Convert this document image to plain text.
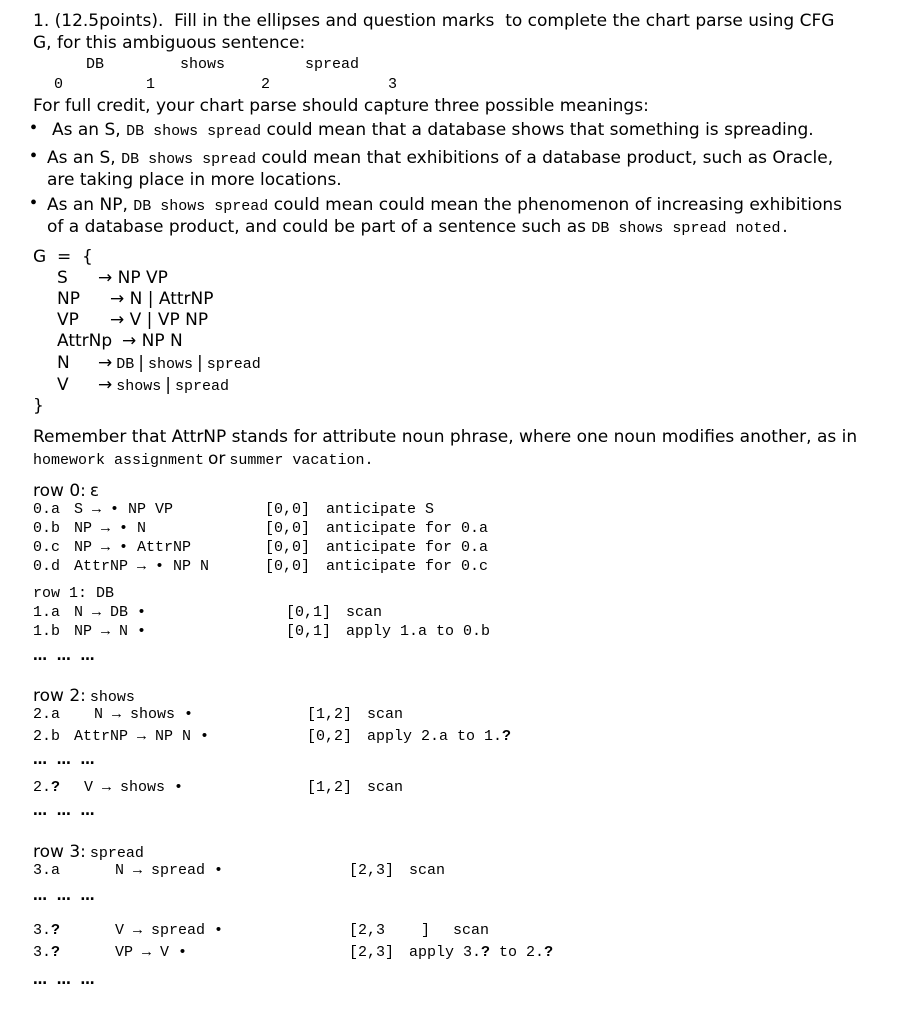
1. (12.5points).  Fill in the ellipses and question marks  to complete the chart parse using CFG
G, for this ambiguous sentence:
DB	shows	spread
0	1	2	3
For full credit, your chart parse should capture three possible meanings:
• As an S, DB shows spread could mean that a database shows that something is spreading.
• As an S, DB shows spread could mean that exhibitions of a database product, such as Oracle,
are taking place in more locations.
• As an NP, DB shows spread could mean could mean the phenomenon of increasing exhibitions
of a database product, and could be part of a sentence such as DB shows spread noted.
G  =  {
S → NP VP
NP → N | AttrNP
VP → V | VP NP
AttrNp → NP N
N → DB | shows | spread
V → shows | spread
}
Remember that AttrNP stands for attribute noun phrase, where one noun modifies another, as in
homework assignment or summer vacation.
row 0: ε
0.a S → • NP VP	[0,0] anticipate S
0.b NP → • N	[0,0] anticipate for 0.a
0.c NP → • AttrNP	[0,0] anticipate for 0.a
0.d AttrNP → • NP N	[0,0] anticipate for 0.c
row 1: DB
1.a N → DB •	[0,1] scan
1.b NP → N •	[0,1] apply 1.a to 0.b
…  …  …
row 2: shows
2.a N → shows •	[1,2] scan
2.b AttrNP → NP N •	[0,2] apply 2.a to 1.?
…  …  …
2.? V → shows •	[1,2] scan
…  …  …
row 3: spread
3.a	N → spread •	[2,3] scan
…  …  …
3.?	V → spread •	[2,3    ] scan
3.?	VP → V •	[2,3] apply 3.? to 2.?
…  …  …
